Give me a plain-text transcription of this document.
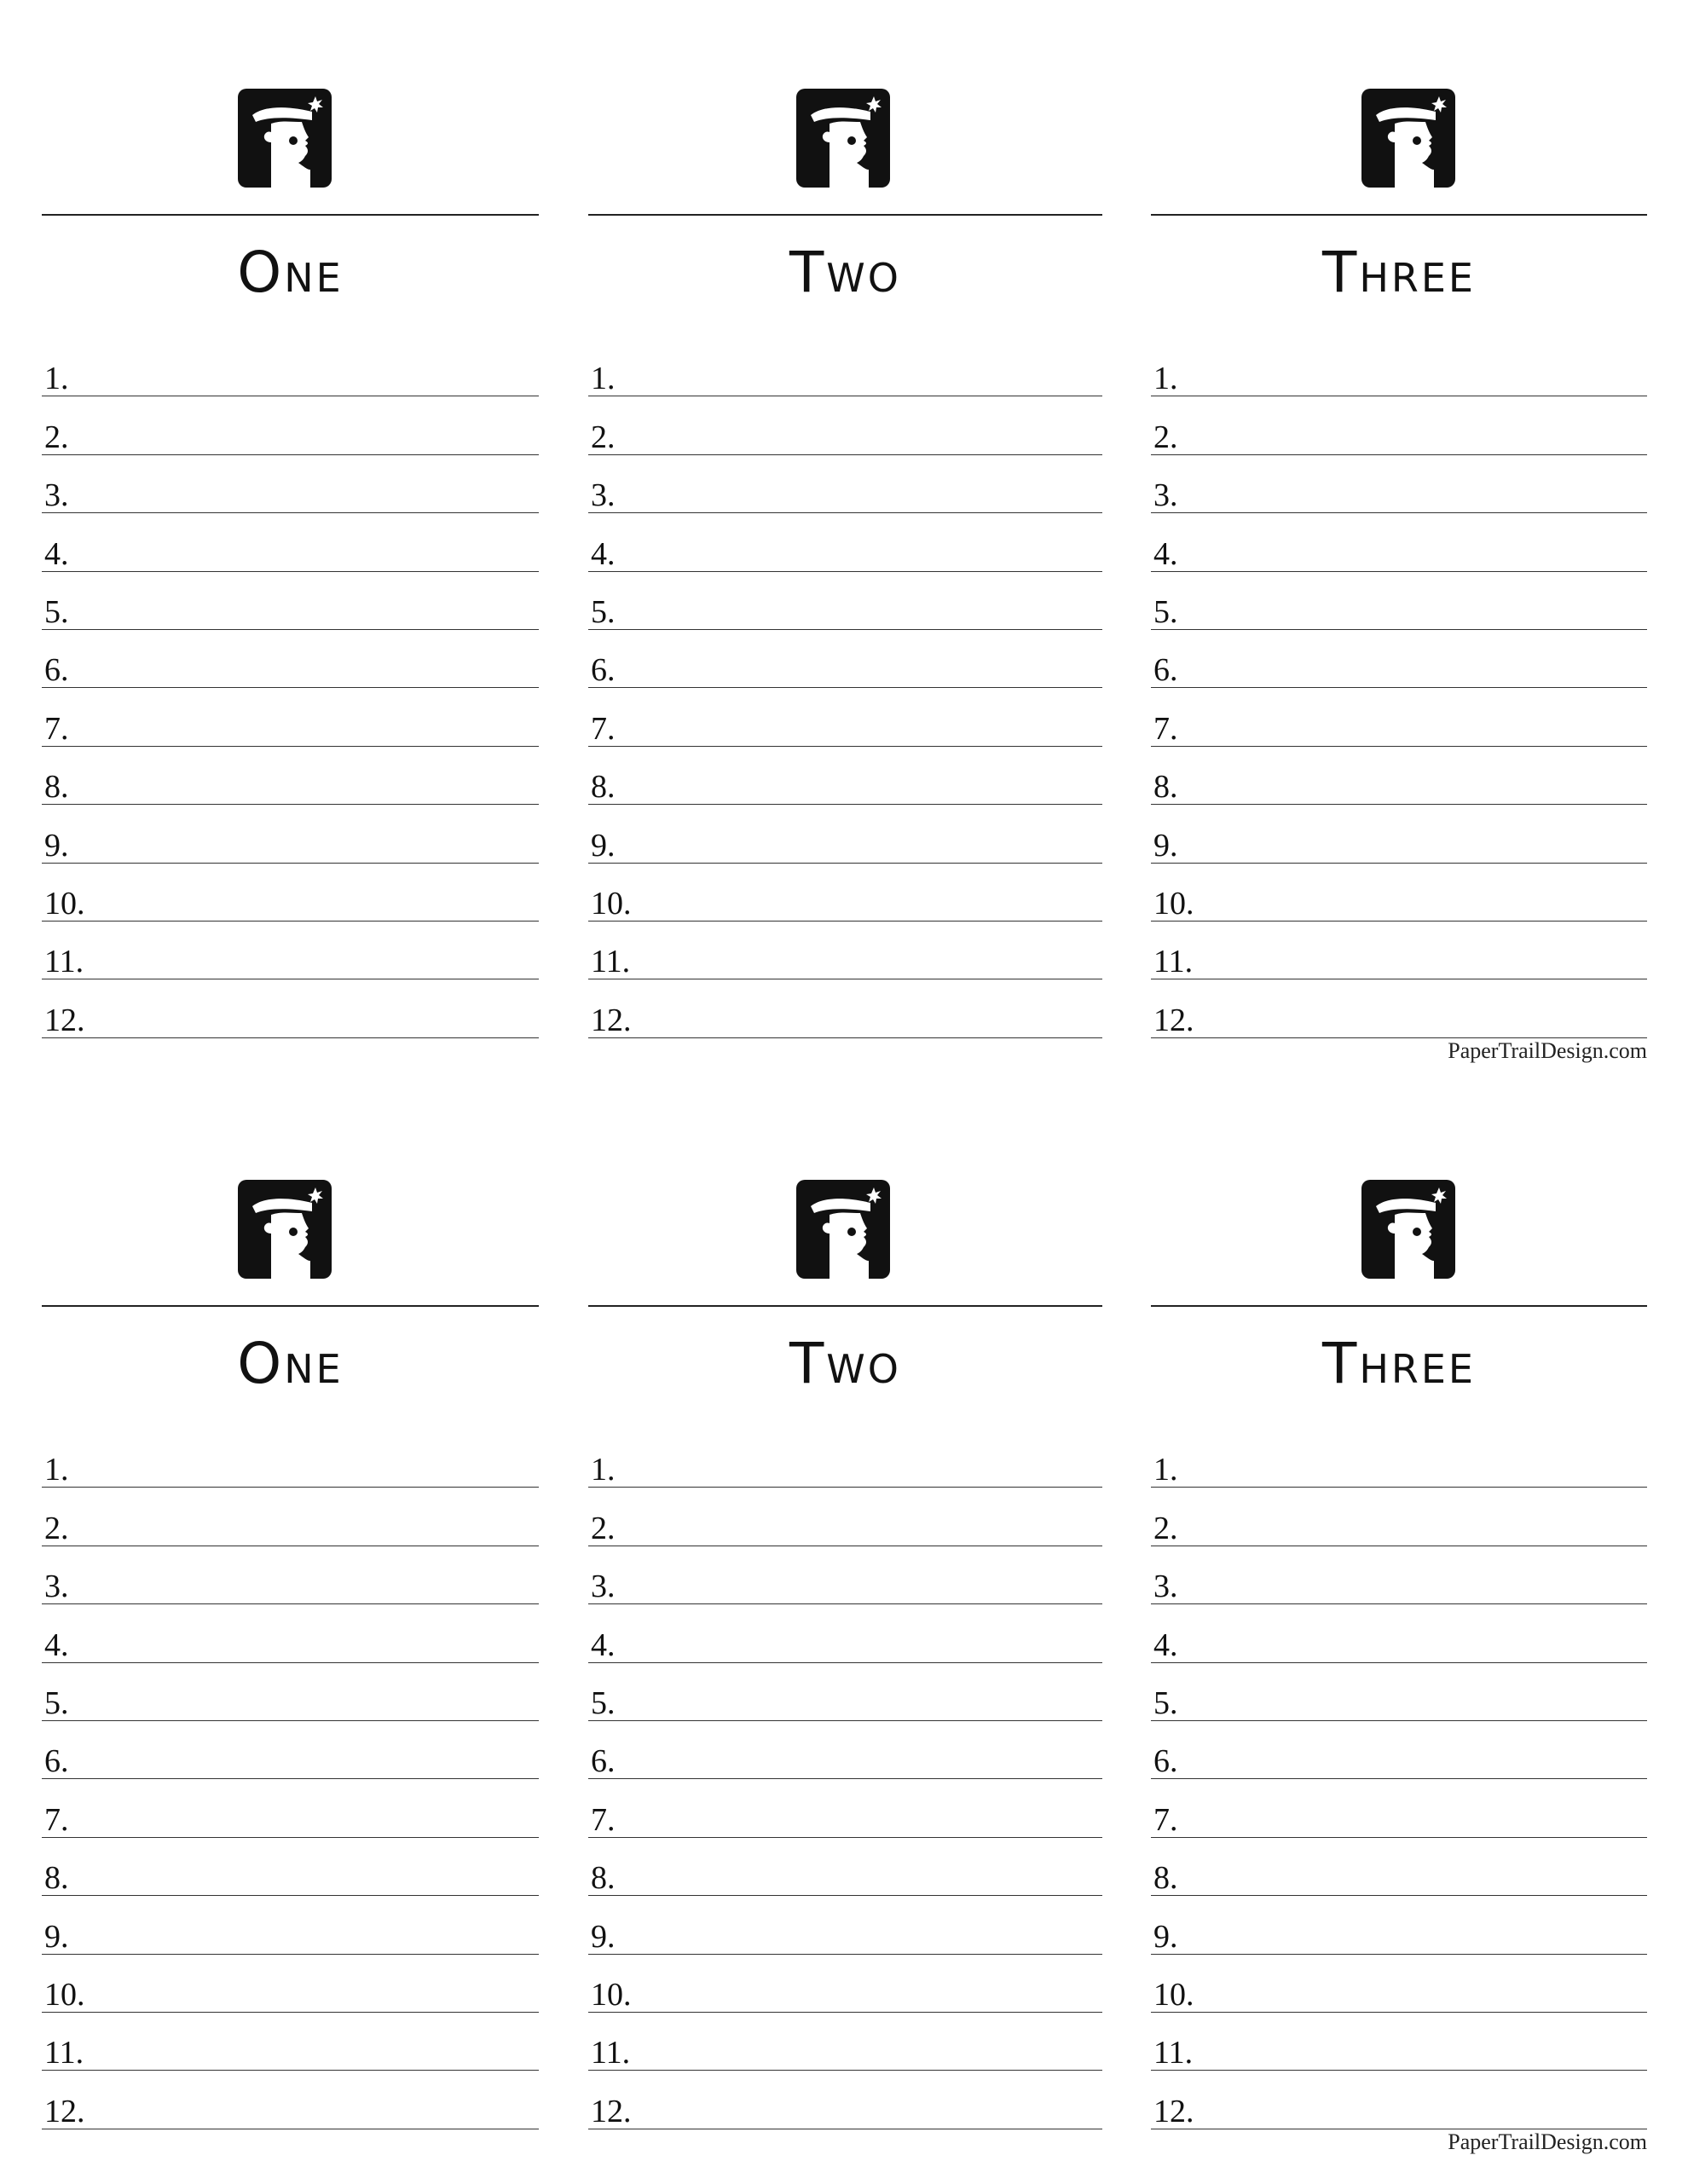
One
1.
2.
3.
4.
5.
6.
7.
8.
9.
10.
11.
12.
Two
1.
2.
3.
4.
5.
6.
7.
8.
9.
10.
11.
12.
Three
1.
2.
3.
4.
5.
6.
7.
8.
9.
10.
11.
12.
PaperTrailDesign.com
One
1.
2.
3.
4.
5.
6.
7.
8.
9.
10.
11.
12.
Two
1.
2.
3.
4.
5.
6.
7.
8.
9.
10.
11.
12.
Three
1.
2.
3.
4.
5.
6.
7.
8.
9.
10.
11.
12.
PaperTrailDesign.com
